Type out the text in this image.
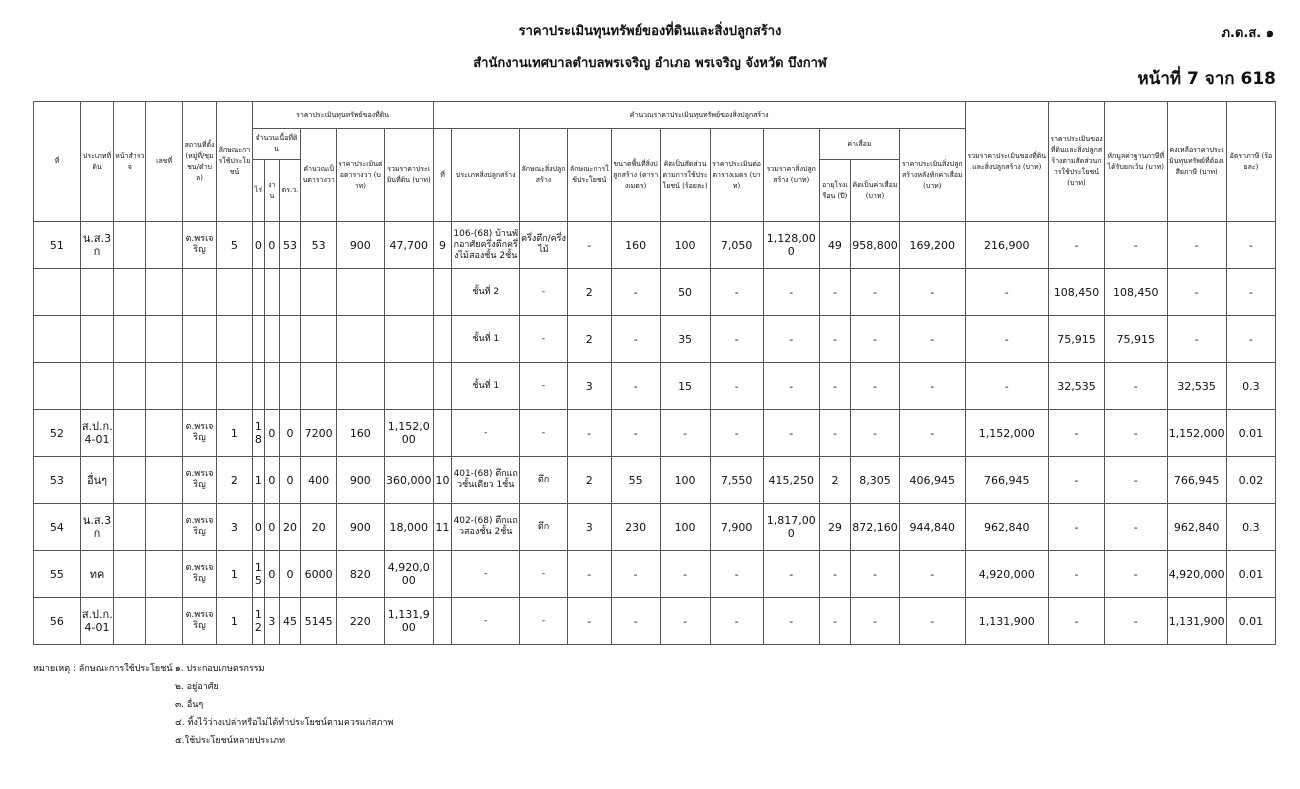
ราคาประเมินทุนทรัพย์ของที่ดินและสิ่งปลูกสร้าง
สำนักงานเทศบาลตำบลพรเจริญ อำเภอ พรเจริญ จังหวัด บึงกาฬ
ภ.ด.ส. ๑
หน้าที่ 7 จาก 618
ที่	ประเภทที่ดิน	หน้าสำรวจ	เลขที่	สถานที่ตั้ง(หมู่ที่/ชุมชน/ตำบล)	ลักษณะการใช้ประโยชน์	ราคาประเมินทุนทรัพย์ของที่ดิน						คำนวณราคาประเมินทุนทรัพย์ของสิ่งปลูกสร้าง											รวมราคาประเมินของที่ดินและสิ่งปลูกสร้าง (บาท)	ราคาประเมินของที่ดินและสิ่งปลูกสร้างตามสัดส่วนการใช้ประโยชน์ (บาท)	หักมูลค่าฐานภาษีที่ได้รับยกเว้น (บาท)	คงเหลือราคาประเมินทุนทรัพย์ที่ต้องเสียภาษี (บาท)	อัตราภาษี (ร้อยละ)
						จำนวนเนื้อที่ดิน			คำนวณเป็นตารางวา	ราคาประเมินต่อตารางวา (บาท)	รวมราคาประเมินที่ดิน (บาท)	ที่	ประเภทสิ่งปลูกสร้าง	ลักษณะสิ่งปลูกสร้าง	ลักษณะการใช้ประโยชน์	ขนาดพื้นที่สิ่งปลูกสร้าง (ตารางเมตร)	คิดเป็นสัดส่วนตามการใช้ประโยชน์ (ร้อยละ)	ราคาประเมินต่อตารางเมตร (บาท)	รวมราคาสิ่งปลูกสร้าง (บาท)	ค่าเสื่อม		ราคาประเมินสิ่งปลูกสร้างหลังหักค่าเสื่อม (บาท)					
						ไร่	งาน	ตร.ว.												อายุโรงเรือน (ปี)	คิดเป็นค่าเสื่อม (บาท)						
51	น.ส.3 ก			ต.พรเจริญ	5	0	0	53	53	900	47,700	9	106-(68) บ้านพักอาศัยครึ่งตึกครึ่งไม้สองชั้น 2ชั้น	ครึ่งตึก/ครึ่งไม้	-	160	100	7,050	1,128,000	49	958,800	169,200	216,900	-	-	-	-
													ชั้นที่ 2	-	2	-	50	-	-	-	-	-	-	108,450	108,450	-	-
													ชั้นที่ 1	-	2	-	35	-	-	-	-	-	-	75,915	75,915	-	-
													ชั้นที่ 1	-	3	-	15	-	-	-	-	-	-	32,535	-	32,535	0.3
52	ส.ป.ก. 4-01			ต.พรเจริญ	1	18	0	0	7200	160	1,152,000		-	-	-	-	-	-	-	-	-	-	1,152,000	-	-	1,152,000	0.01
53	อื่นๆ			ต.พรเจริญ	2	1	0	0	400	900	360,000	10	401-(68) ตึกแถวชั้นเดียว 1ชั้น	ตึก	2	55	100	7,550	415,250	2	8,305	406,945	766,945	-	-	766,945	0.02
54	น.ส.3 ก			ต.พรเจริญ	3	0	0	20	20	900	18,000	11	402-(68) ตึกแถวสองชั้น 2ชั้น	ตึก	3	230	100	7,900	1,817,000	29	872,160	944,840	962,840	-	-	962,840	0.3
55	ทค			ต.พรเจริญ	1	15	0	0	6000	820	4,920,000		-	-	-	-	-	-	-	-	-	-	4,920,000	-	-	4,920,000	0.01
56	ส.ป.ก. 4-01			ต.พรเจริญ	1	12	3	45	5145	220	1,131,900		-	-	-	-	-	-	-	-	-	-	1,131,900	-	-	1,131,900	0.01
หมายเหตุ : ลักษณะการใช้ประโยชน์ ๑. ประกอบเกษตรกรรม
๒. อยู่อาศัย
๓. อื่นๆ
๔. ทิ้งไว้ว่างเปล่าหรือไม่ได้ทำประโยชน์ตามควรแก่สภาพ
๕.ใช้ประโยชน์หลายประเภท
